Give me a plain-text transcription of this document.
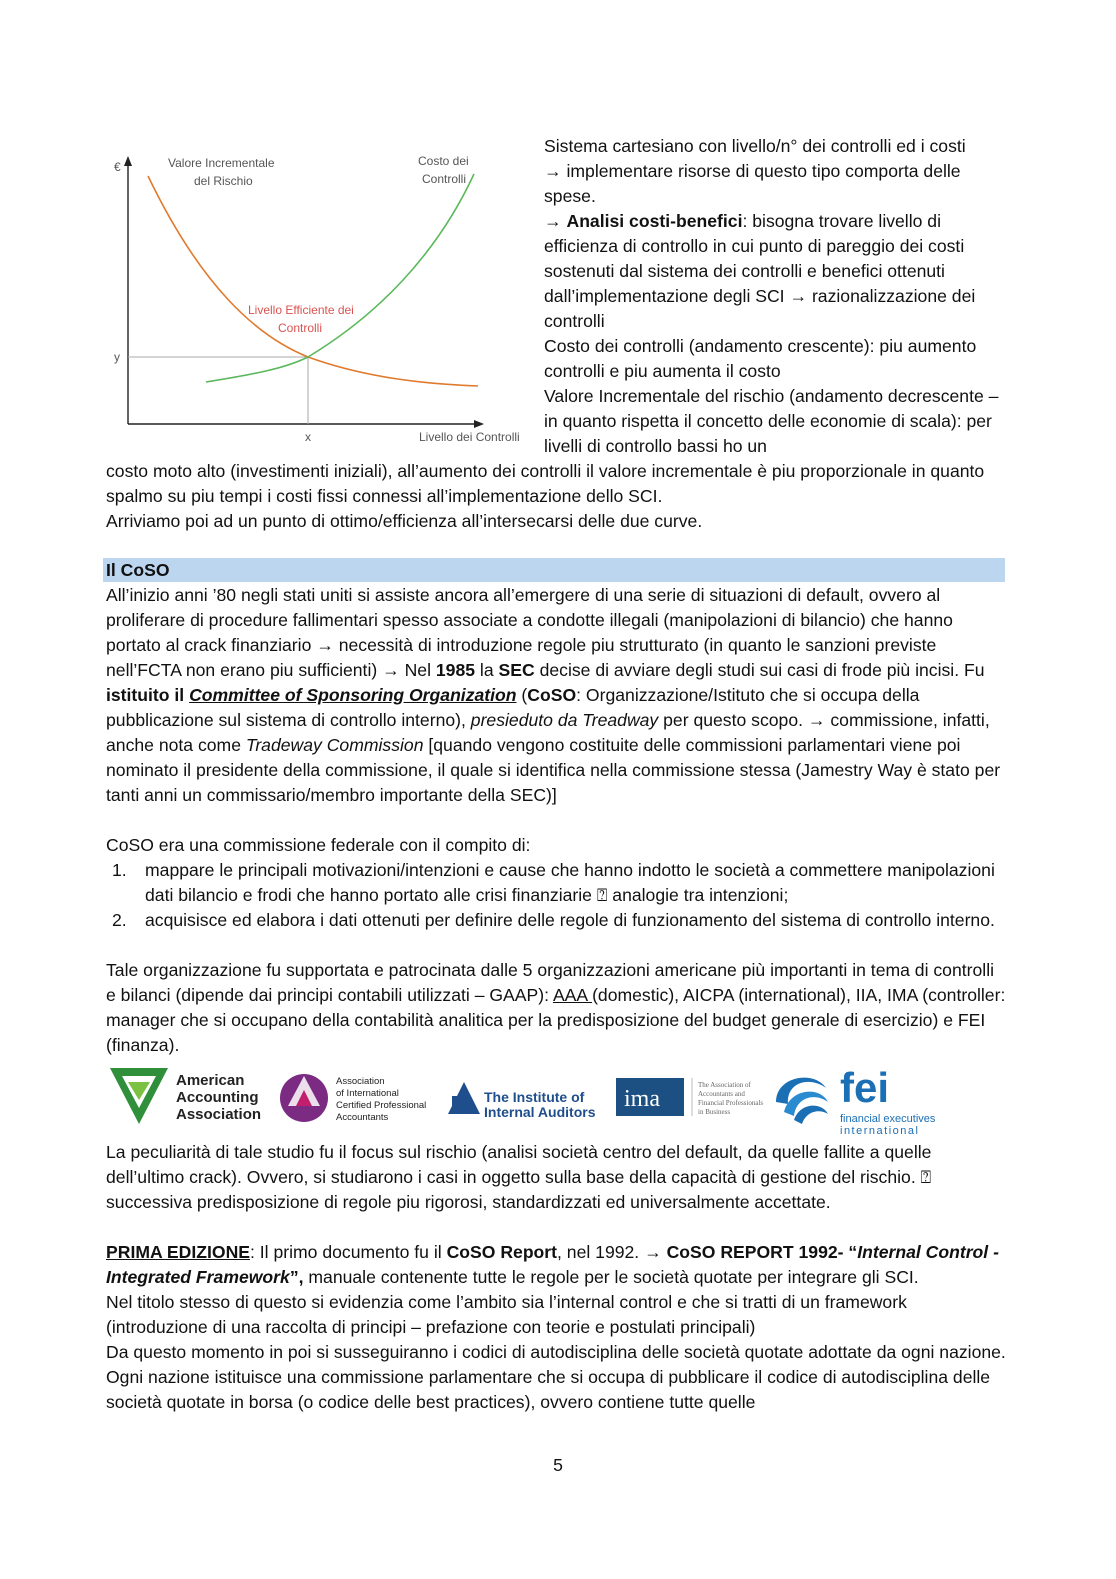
€
Livello dei Controlli
x
y
Valore Incrementale
del Rischio
Costo dei
Controlli
Livello Efficiente dei
Controlli
Sistema cartesiano con livello/n° dei controlli ed i costi
→ implementare risorse di questo tipo comporta delle spese.
→ Analisi costi-benefici: bisogna trovare livello di efficienza di controllo in cui punto di pareggio dei costi sostenuti dal sistema dei controlli e benefici ottenuti dall’implementazione degli SCI → razionalizzazione dei controlli
Costo dei controlli (andamento crescente): piu aumento controlli e piu aumenta il costo
Valore Incrementale del rischio (andamento decrescente – in quanto rispetta il concetto delle economie di scala): per livelli di controllo bassi ho un
costo moto alto (investimenti iniziali), all’aumento dei controlli il valore incrementale è piu proporzionale in quanto spalmo su piu tempi i costi fissi connessi all’implementazione dello SCI.
Arriviamo poi ad un punto di ottimo/efficienza all’intersecarsi delle due curve.
Il CoSO
All’inizio anni ’80 negli stati uniti si assiste ancora all’emergere di una serie di situazioni di default, ovvero al proliferare di procedure fallimentari spesso associate a condotte illegali (manipolazioni di bilancio) che hanno portato al crack finanziario → necessità di introduzione regole piu strutturato (in quanto le sanzioni previste nell’FCTA non erano piu sufficienti) → Nel 1985 la SEC decise di avviare degli studi sui casi di frode più incisi. Fu istituito il Committee of Sponsoring Organization (CoSO: Organizzazione/Istituto che si occupa della pubblicazione sul sistema di controllo interno), presieduto da Treadway per questo scopo. → commissione, infatti, anche nota come Tradeway Commission [quando vengono costituite delle commissioni parlamentari viene poi nominato il presidente della commissione, il quale si identifica nella commissione stessa (Jamestry Way è stato per tanti anni un commissario/membro importante della SEC)]
CoSO era una commissione federale con il compito di:
1. mappare le principali motivazioni/intenzioni e cause che hanno indotto le società a commettere manipolazioni dati bilancio e frodi che hanno portato alle crisi finanziarie ⍰ analogie tra intenzioni;
2. acquisisce ed elabora i dati ottenuti per definire delle regole di funzionamento del sistema di controllo interno.
Tale organizzazione fu supportata e patrocinata dalle 5 organizzazioni americane più importanti in tema di controlli e bilanci (dipende dai principi contabili utilizzati – GAAP): AAA (domestic), AICPA (international), IIA, IMA (controller: manager che si occupano della contabilità analitica per la predisposizione del budget generale di esercizio) e FEI (finanza).
American
Accounting
Association
Association
of International
Certified Professional
Accountants
The Institute of
Internal Auditors ima
The Association of
Accountants and
Financial Professionals
in Business
fei
financial executives
international
La peculiarità di tale studio fu il focus sul rischio (analisi società centro del default, da quelle fallite a quelle dell’ultimo crack). Ovvero, si studiarono i casi in oggetto sulla base della capacità di gestione del rischio. ⍰ successiva predisposizione di regole piu rigorosi, standardizzati ed universalmente accettate.
PRIMA EDIZIONE: Il primo documento fu il CoSO Report, nel 1992. → CoSO REPORT 1992- “Internal Control - Integrated Framework”, manuale contenente tutte le regole per le società quotate per integrare gli SCI.
Nel titolo stesso di questo si evidenzia come l’ambito sia l’internal control e che si tratti di un framework (introduzione di una raccolta di principi – prefazione con teorie e postulati principali)
Da questo momento in poi si susseguiranno i codici di autodisciplina delle società quotate adottate da ogni nazione. Ogni nazione istituisce una commissione parlamentare che si occupa di pubblicare il codice di autodisciplina delle società quotate in borsa (o codice delle best practices), ovvero contiene tutte quelle
5
